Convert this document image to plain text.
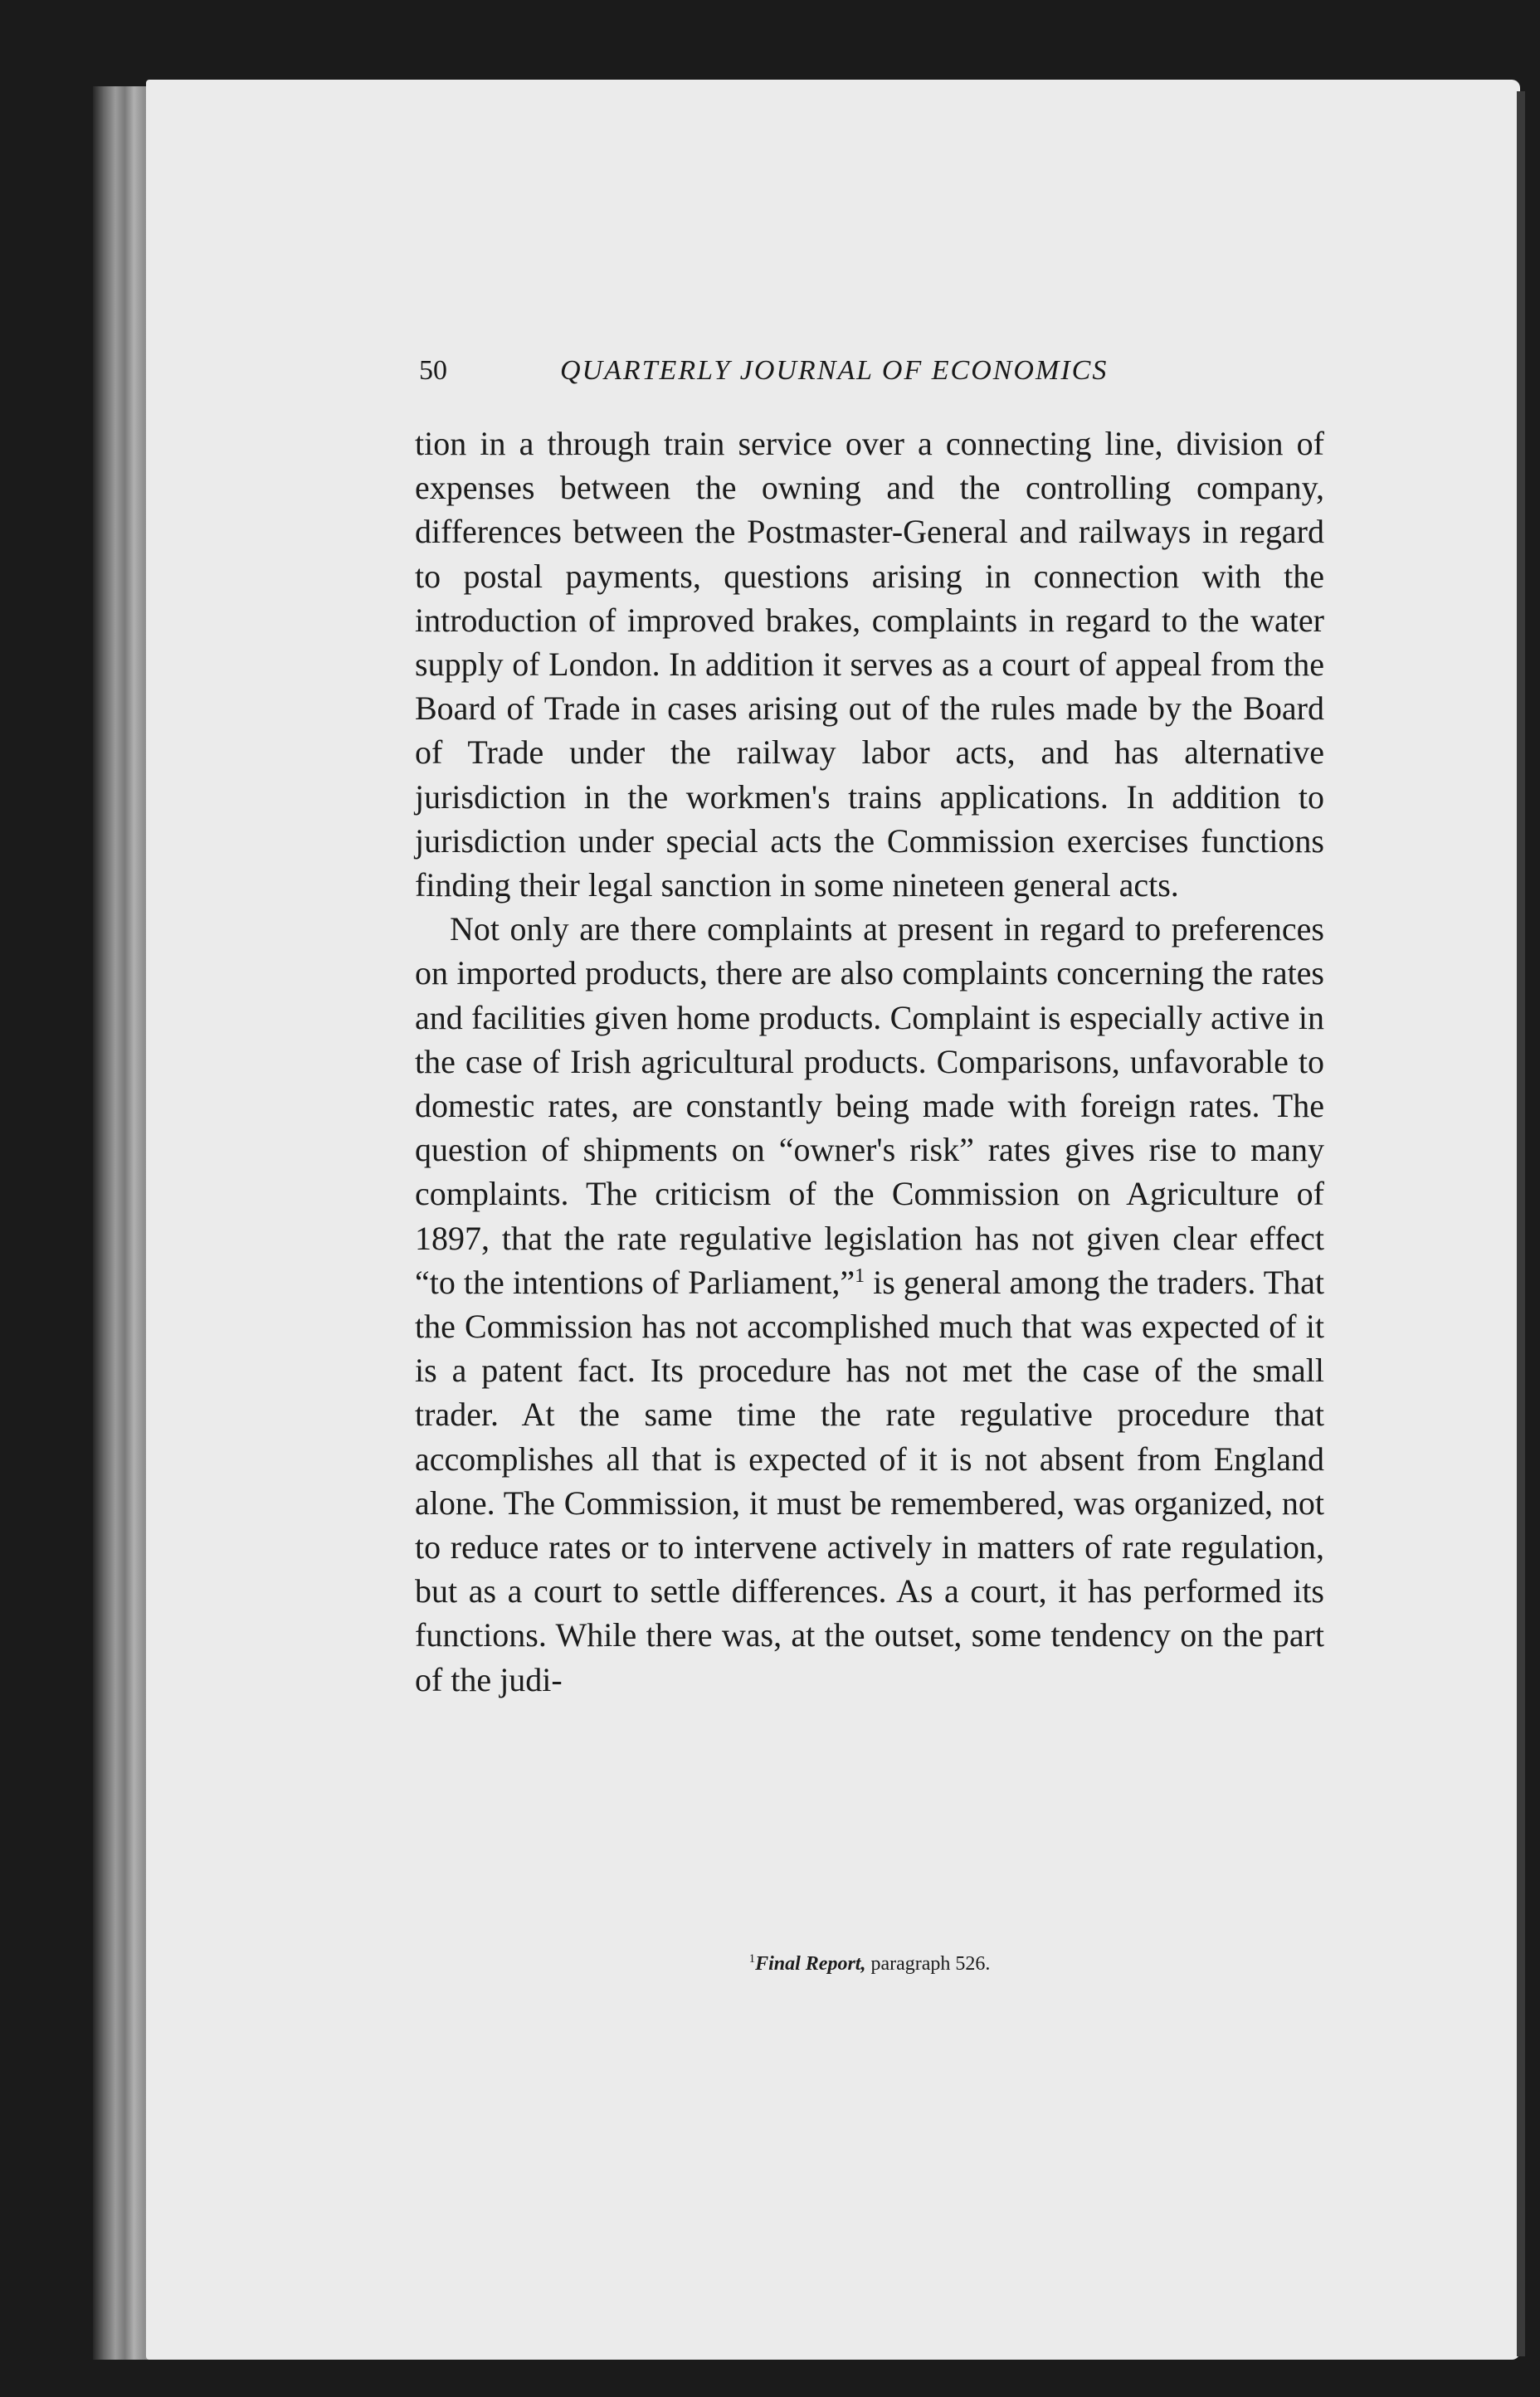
50	QUARTERLY JOURNAL OF ECONOMICS

tion in a through train service over a connecting line, division of expenses between the owning and the controlling company, differences between the Postmaster-General and railways in regard to postal payments, questions arising in connection with the introduction of improved brakes, complaints in regard to the water supply of London. In addition it serves as a court of appeal from the Board of Trade in cases arising out of the rules made by the Board of Trade under the railway labor acts, and has alternative jurisdiction in the workmen's trains applications. In addition to jurisdiction under special acts the Commission exercises functions finding their legal sanction in some nineteen general acts.

Not only are there complaints at present in regard to preferences on imported products, there are also complaints concerning the rates and facilities given home products. Complaint is especially active in the case of Irish agricultural products. Comparisons, unfavorable to domestic rates, are constantly being made with foreign rates. The question of shipments on “owner's risk” rates gives rise to many complaints. The criticism of the Commission on Agriculture of 1897, that the rate regulative legislation has not given clear effect “to the intentions of Parliament,”$^1$ is general among the traders. That the Commission has not accomplished much that was expected of it is a patent fact. Its procedure has not met the case of the small trader. At the same time the rate regulative procedure that accomplishes all that is expected of it is not absent from England alone. The Commission, it must be remembered, was organized, not to reduce rates or to intervene actively in matters of rate regulation, but as a court to settle differences. As a court, it has performed its functions. While there was, at the outset, some tendency on the part of the judi-

$^1$Final Report, paragraph 526.
